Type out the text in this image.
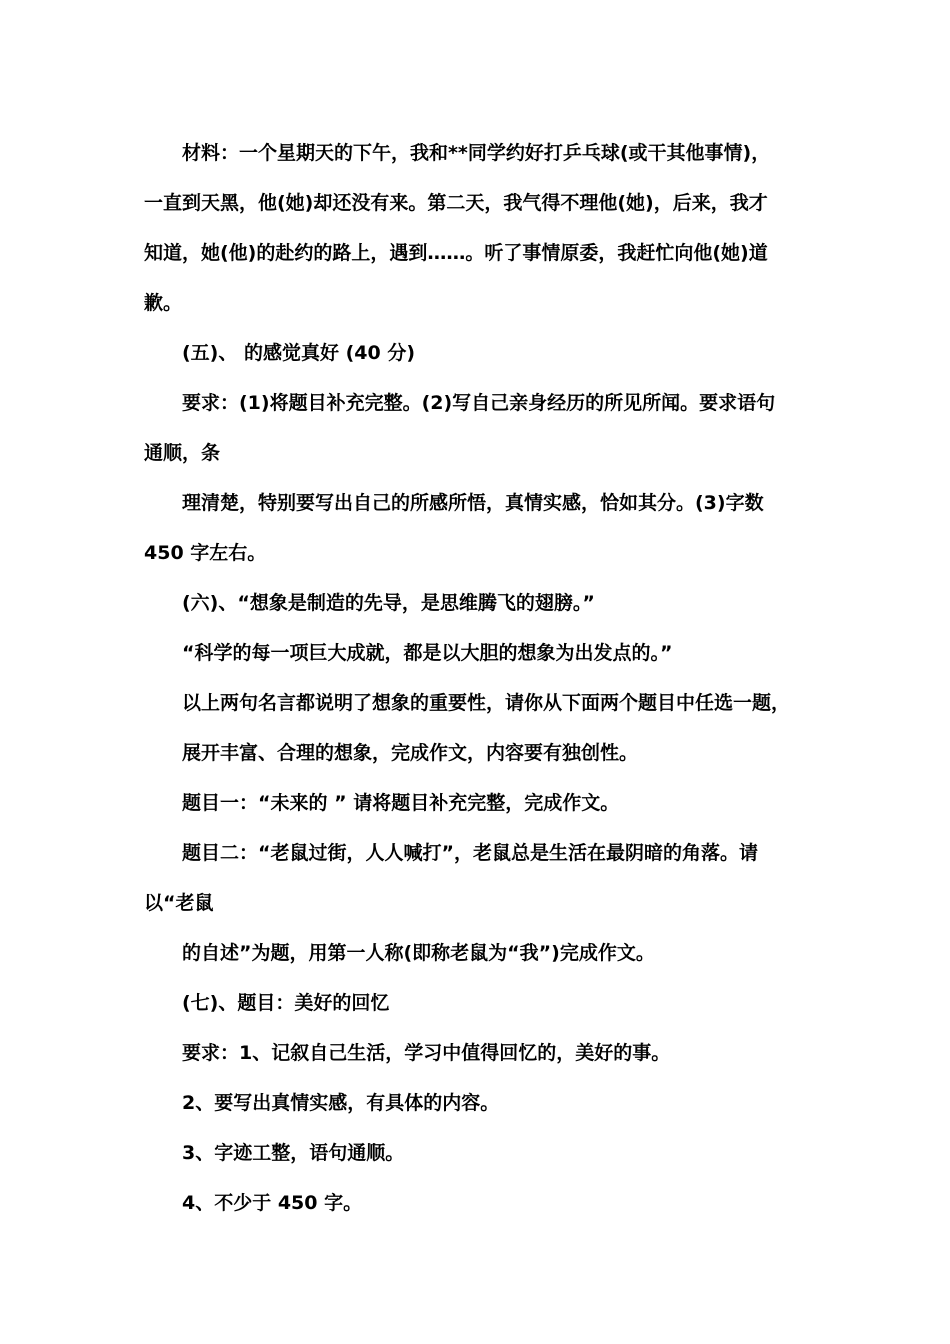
材料：一个星期天的下午，我和**同学约好打乒乓球(或干其他事情)，
一直到天黑，他(她)却还没有来。第二天，我气得不理他(她)，后来，我才
知道，她(他)的赴约的路上，遇到……。听了事情原委，我赶忙向他(她)道
歉。
(五)、 的感觉真好 (40 分)
要求：(1)将题目补充完整。(2)写自己亲身经历的所见所闻。要求语句
通顺，条
理清楚，特别要写出自己的所感所悟，真情实感，恰如其分。(3)字数
450 字左右。
(六)、“想象是制造的先导，是思维腾飞的翅膀。”
“科学的每一项巨大成就，都是以大胆的想象为出发点的。”
以上两句名言都说明了想象的重要性，请你从下面两个题目中任选一题，
展开丰富、合理的想象，完成作文，内容要有独创性。
题目一：“未来的 ” 请将题目补充完整，完成作文。
题目二：“老鼠过街，人人喊打”，老鼠总是生活在最阴暗的角落。请
以“老鼠
的自述”为题，用第一人称(即称老鼠为“我”)完成作文。
(七)、题目：美好的回忆
要求：1、记叙自己生活，学习中值得回忆的，美好的事。
2、要写出真情实感，有具体的内容。
3、字迹工整，语句通顺。
4、不少于 450 字。
